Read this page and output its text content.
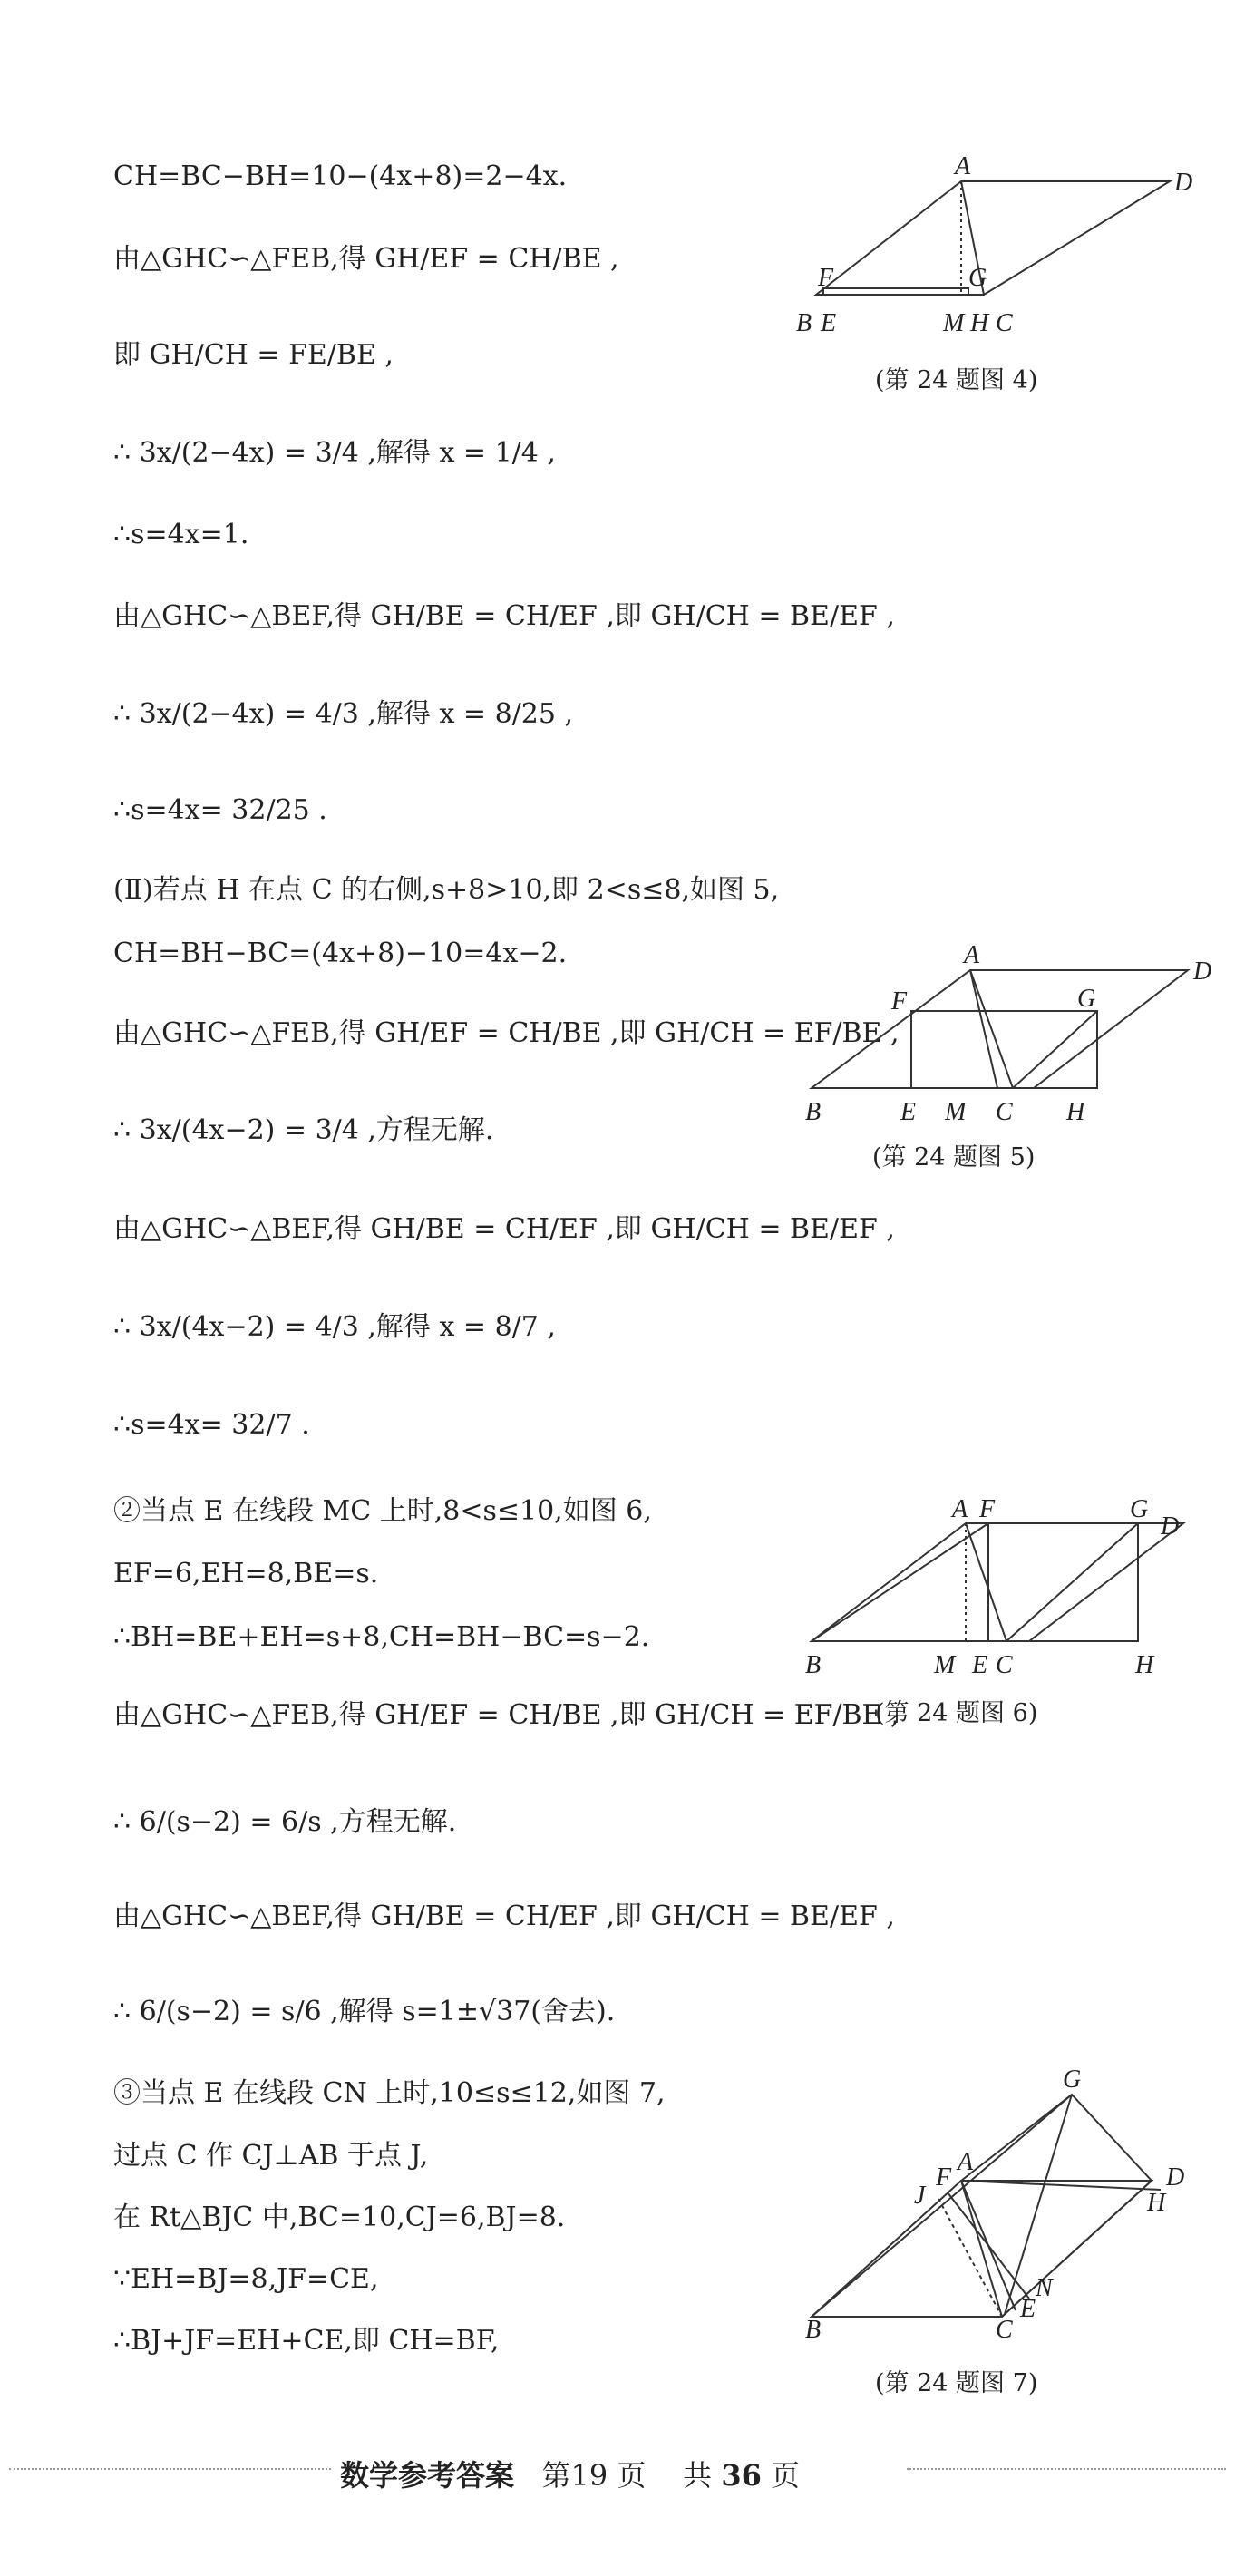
CH=BC−BH=10−(4x+8)=2−4x.
由△GHC∽△FEB,得 GH/EF = CH/BE ,
即 GH/CH = FE/BE ,
∴ 3x/(2−4x) = 3/4 ,解得 x = 1/4 ,
∴s=4x=1.
由△GHC∽△BEF,得 GH/BE = CH/EF ,即 GH/CH = BE/EF ,
∴ 3x/(2−4x) = 4/3 ,解得 x = 8/25 ,
∴s=4x= 32/25 .
(Ⅱ)若点 H 在点 C 的右侧,s+8>10,即 2<s≤8,如图 5,
CH=BH−BC=(4x+8)−10=4x−2.
由△GHC∽△FEB,得 GH/EF = CH/BE ,即 GH/CH = EF/BE ,
∴ 3x/(4x−2) = 3/4 ,方程无解.
由△GHC∽△BEF,得 GH/BE = CH/EF ,即 GH/CH = BE/EF ,
∴ 3x/(4x−2) = 4/3 ,解得 x = 8/7 ,
∴s=4x= 32/7 .
②当点 E 在线段 MC 上时,8<s≤10,如图 6,
EF=6,EH=8,BE=s.
∴BH=BE+EH=s+8,CH=BH−BC=s−2.
由△GHC∽△FEB,得 GH/EF = CH/BE ,即 GH/CH = EF/BE ,
∴ 6/(s−2) = 6/s ,方程无解.
由△GHC∽△BEF,得 GH/BE = CH/EF ,即 GH/CH = BE/EF ,
∴ 6/(s−2) = s/6 ,解得 s=1±√37(舍去).
③当点 E 在线段 CN 上时,10≤s≤12,如图 7,
过点 C 作 CJ⊥AB 于点 J,
在 Rt△BJC 中,BC=10,CJ=6,BJ=8.
∵EH=BJ=8,JF=CE,
∴BJ+JF=EH+CE,即 CH=BF,
A
D
F	G
B E	M H C
(第 24 题图 4)
A
D
F	G
B	E M C H
(第 24 题图 5)
A F	G
D
B	M E C	H
(第 24 题图 6)
G
A
F
J
D
H
N
E
C
B
(第 24 题图 7)
数学参考答案 第19 页 共 36 页
